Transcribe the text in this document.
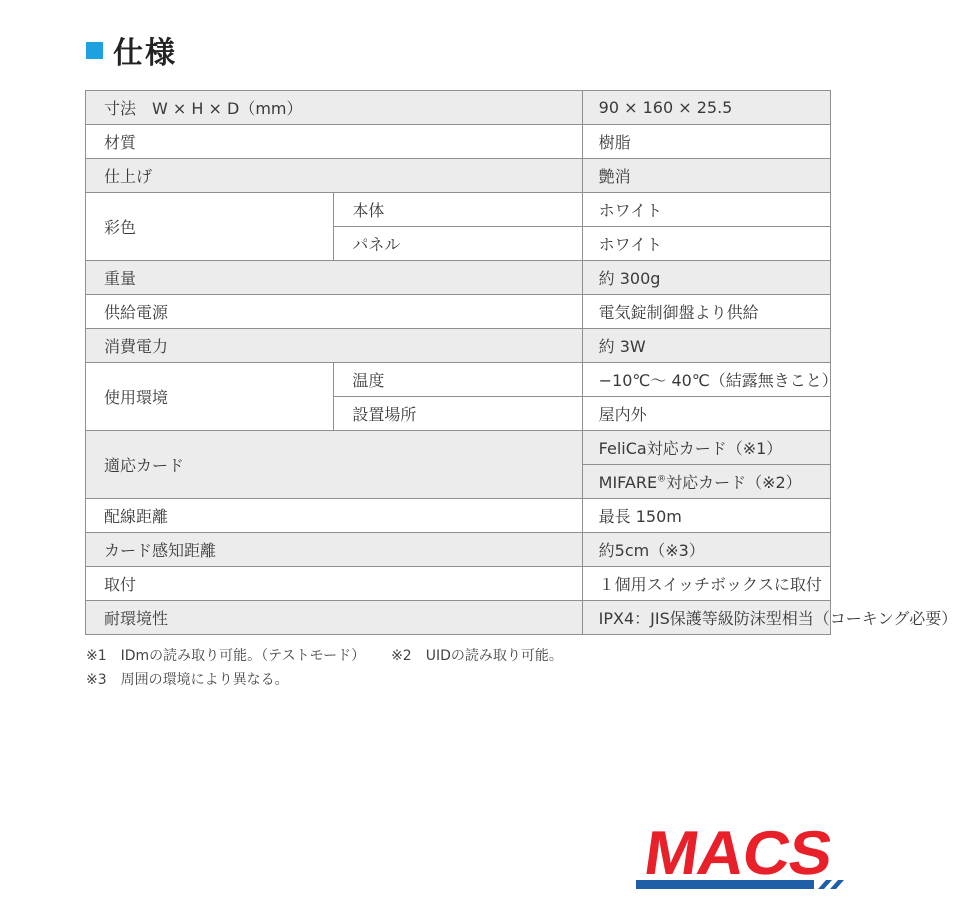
仕様
寸法　W × H × D（mm）		90 × 160 × 25.5
材質		樹脂
仕上げ		艶消
彩色	本体	ホワイト
	パネル	ホワイト
重量		約 300g
供給電源		電気錠制御盤より供給
消費電力		約 3W
使用環境	温度	−10℃～ 40℃（結露無きこと）
	設置場所	屋内外
適応カード		FeliCa対応カード（※1）
		MIFARE®対応カード（※2）
配線距離		最長 150m
カード感知距離		約5cm（※3）
取付		１個用スイッチボックスに取付
耐環境性		IPX4：JIS保護等級防沫型相当（コーキング必要）
※1　IDmの読み取り可能。（テストモード） ※2　UIDの読み取り可能。
※3　周囲の環境により異なる。
MACS
